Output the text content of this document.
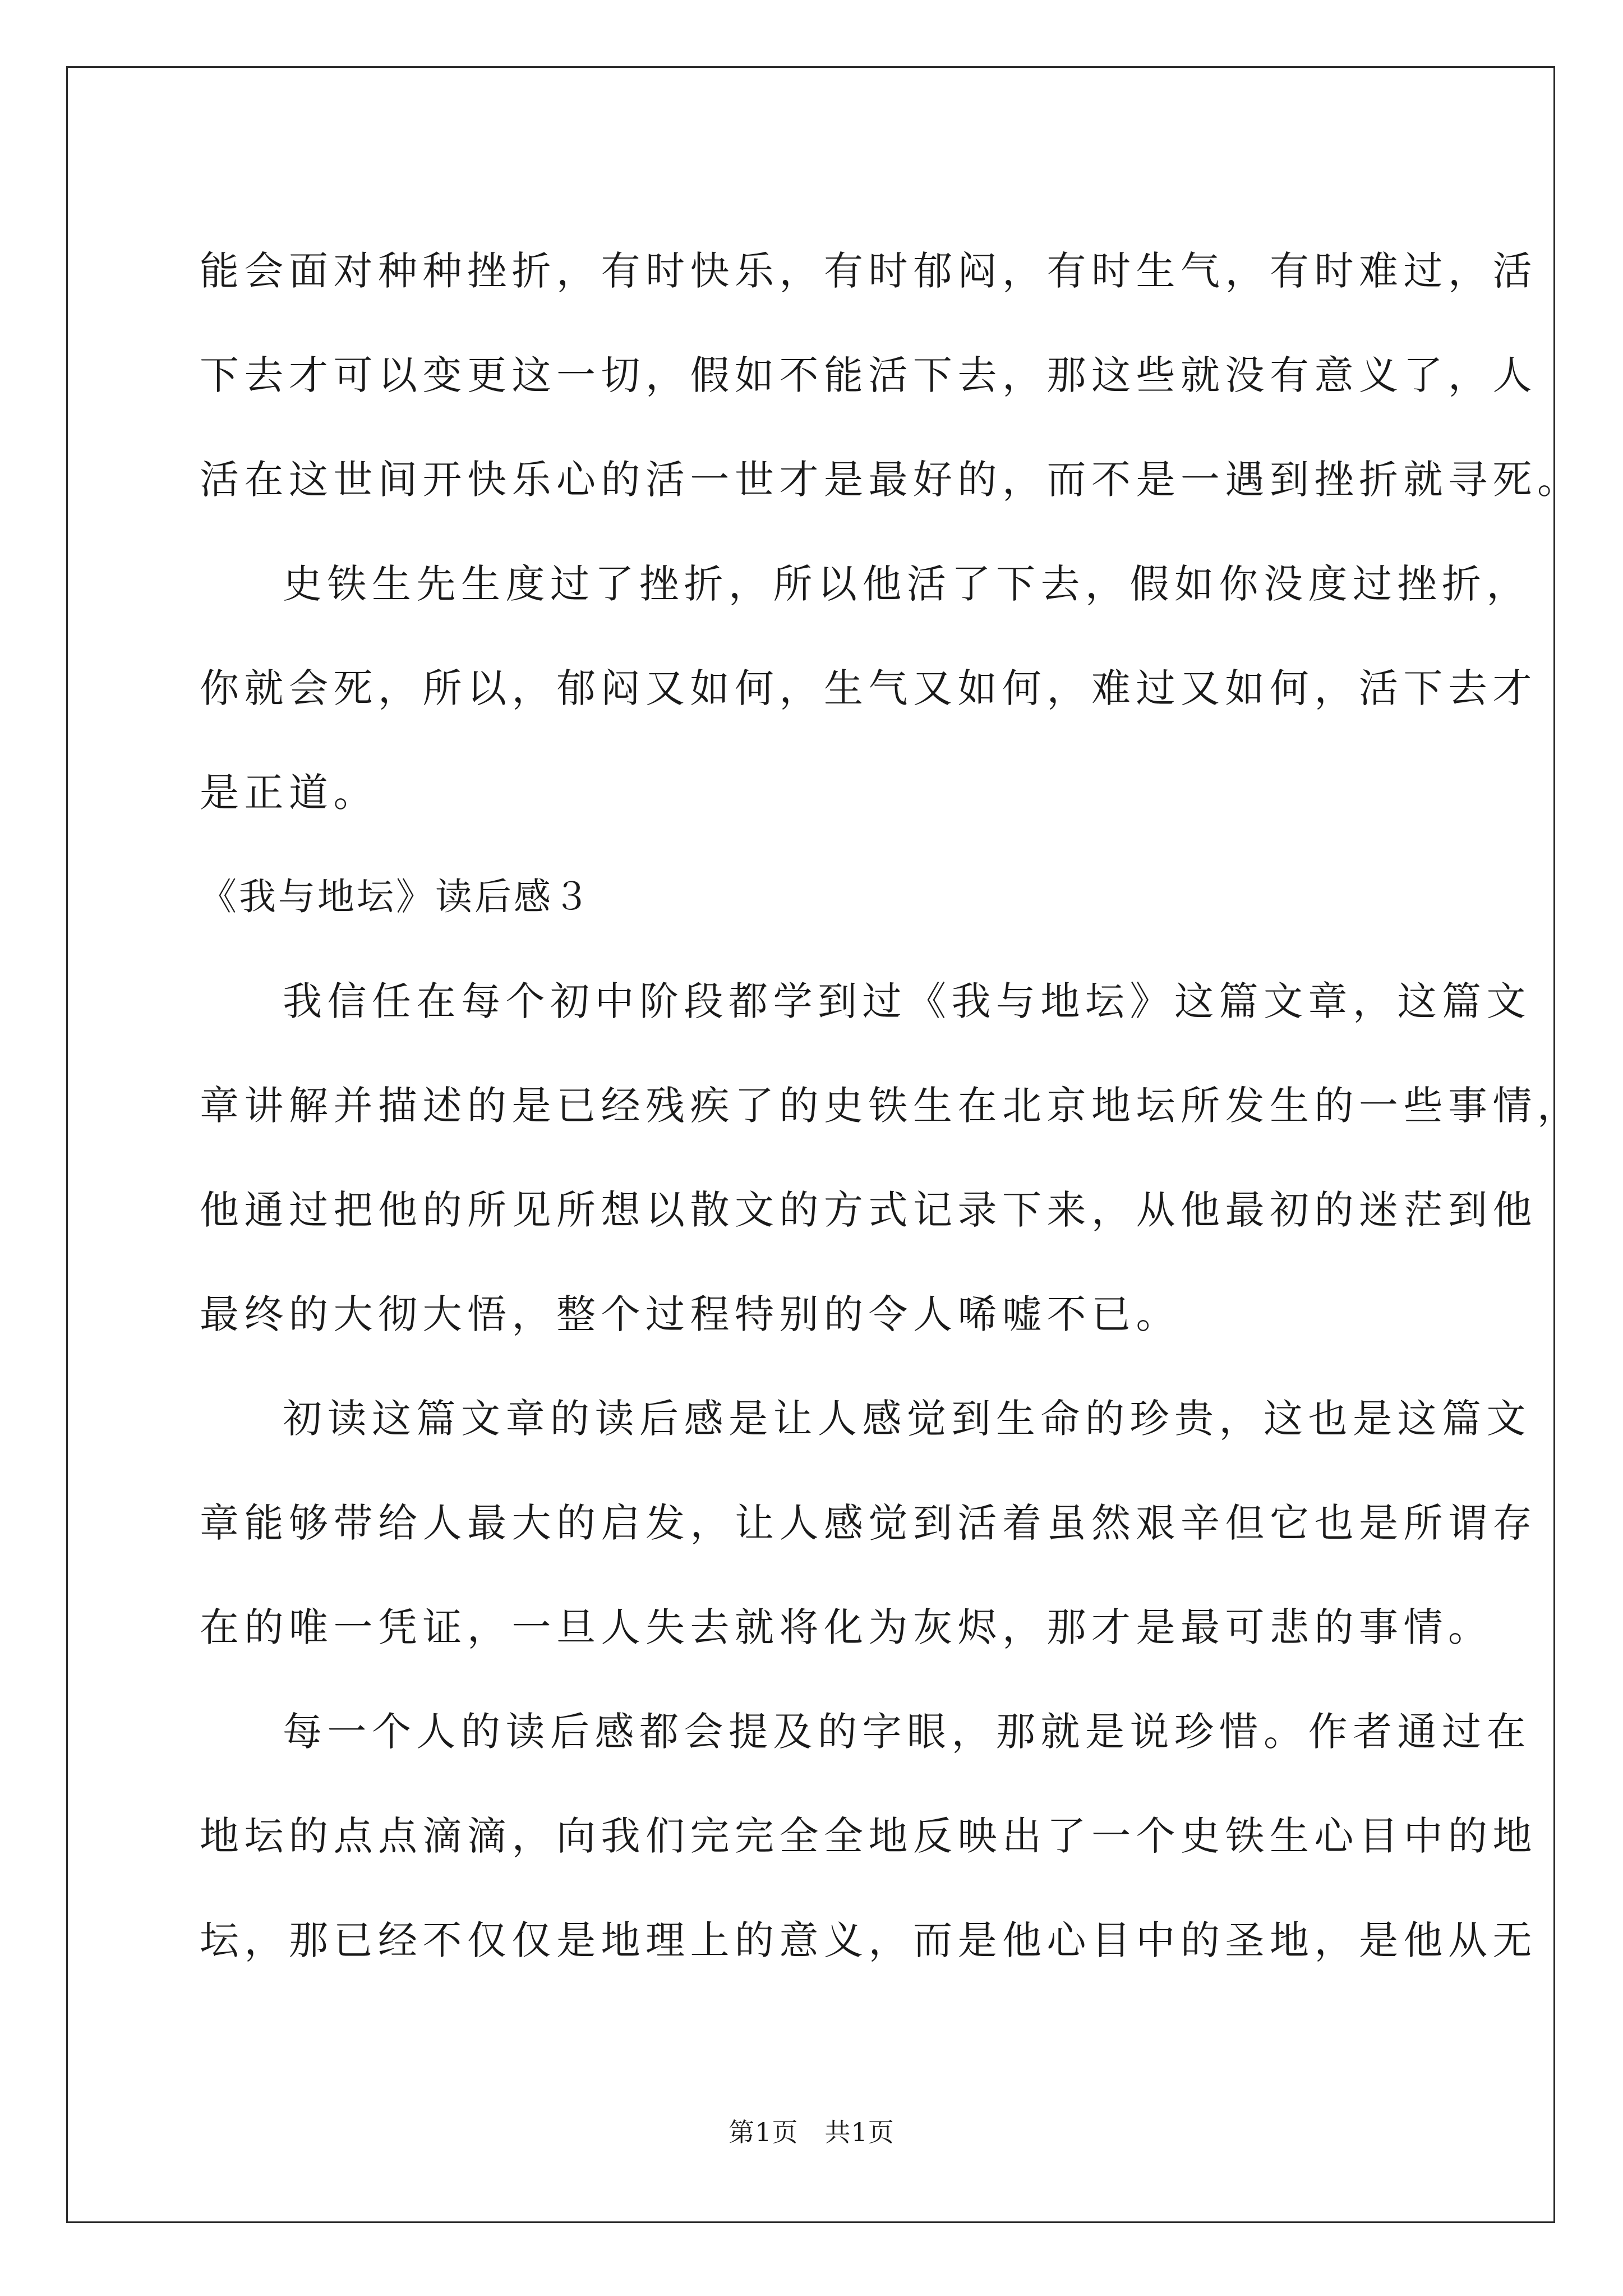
能会面对种种挫折，有时快乐，有时郁闷，有时生气，有时难过，活
下去才可以变更这一切，假如不能活下去，那这些就没有意义了，人
活在这世间开快乐心的活一世才是最好的，而不是一遇到挫折就寻死。
史铁生先生度过了挫折，所以他活了下去，假如你没度过挫折，
你就会死，所以，郁闷又如何，生气又如何，难过又如何，活下去才
是正道。
《我与地坛》读后感３
我信任在每个初中阶段都学到过《我与地坛》这篇文章，这篇文
章讲解并描述的是已经残疾了的史铁生在北京地坛所发生的一些事情，
他通过把他的所见所想以散文的方式记录下来，从他最初的迷茫到他
最终的大彻大悟，整个过程特别的令人唏嘘不已。
初读这篇文章的读后感是让人感觉到生命的珍贵，这也是这篇文
章能够带给人最大的启发，让人感觉到活着虽然艰辛但它也是所谓存
在的唯一凭证，一旦人失去就将化为灰烬，那才是最可悲的事情。
每一个人的读后感都会提及的字眼，那就是说珍惜。作者通过在
地坛的点点滴滴，向我们完完全全地反映出了一个史铁生心目中的地
坛，那已经不仅仅是地理上的意义，而是他心目中的圣地，是他从无
第1页 共1页
